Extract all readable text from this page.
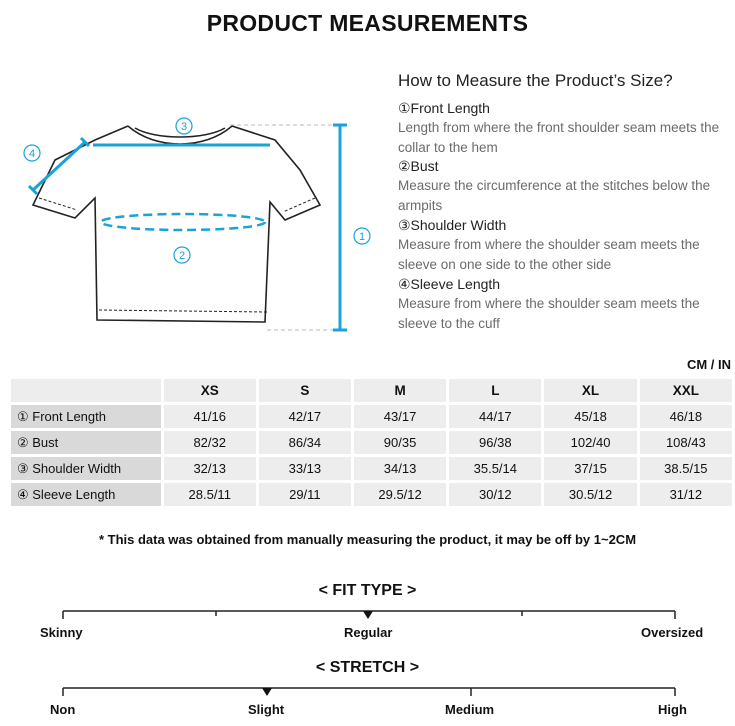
PRODUCT MEASUREMENTS
3
4
2
1
How to Measure the Product’s Size?
①Front Length
Length from where the front shoulder seam meets the collar to the hem
②Bust
Measure the circumference at the stitches below the armpits
③Shoulder Width
Measure from where the shoulder seam meets the sleeve on one side to the other side
④Sleeve Length
Measure from where the shoulder seam meets the sleeve to the cuff
CM / IN
	XS	S	M	L	XL	XXL
① Front Length	41/16	42/17	43/17	44/17	45/18	46/18
② Bust	82/32	86/34	90/35	96/38	102/40	108/43
③ Shoulder Width	32/13	33/13	34/13	35.5/14	37/15	38.5/15
④ Sleeve Length	28.5/11	29/11	29.5/12	30/12	30.5/12	31/12
* This data was obtained from manually measuring the product, it may be off by 1~2CM
< FIT TYPE >
Skinny	Regular	Oversized
< STRETCH >
Non	Slight	Medium	High
